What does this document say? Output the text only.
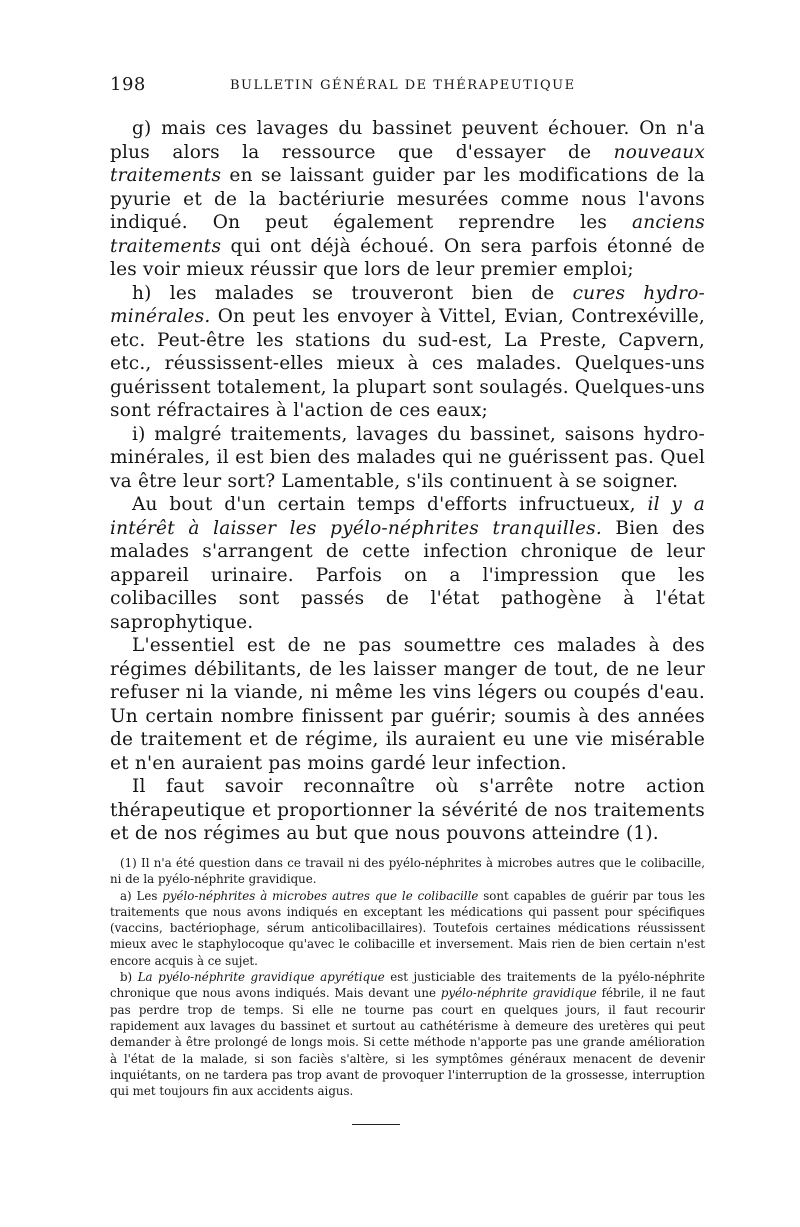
198	BULLETIN GÉNÉRAL DE THÉRAPEUTIQUE

g) mais ces lavages du bassinet peuvent échouer. On n'a plus alors la ressource que d'essayer de nouveaux traitements en se laissant guider par les modifications de la pyurie et de la bactériurie mesurées comme nous l'avons indiqué. On peut également reprendre les anciens traitements qui ont déjà échoué. On sera parfois étonné de les voir mieux réussir que lors de leur premier emploi;

h) les malades se trouveront bien de cures hydro-minérales. On peut les envoyer à Vittel, Evian, Contrexéville, etc. Peut-être les stations du sud-est, La Preste, Capvern, etc., réussissent-elles mieux à ces malades. Quelques-uns guérissent totalement, la plupart sont soulagés. Quelques-uns sont réfractaires à l'action de ces eaux;

i) malgré traitements, lavages du bassinet, saisons hydro-minérales, il est bien des malades qui ne guérissent pas. Quel va être leur sort? Lamentable, s'ils continuent à se soigner.

Au bout d'un certain temps d'efforts infructueux, il y a intérêt à laisser les pyélo-néphrites tranquilles. Bien des malades s'arrangent de cette infection chronique de leur appareil urinaire. Parfois on a l'impression que les colibacilles sont passés de l'état pathogène à l'état saprophytique.

L'essentiel est de ne pas soumettre ces malades à des régimes débilitants, de les laisser manger de tout, de ne leur refuser ni la viande, ni même les vins légers ou coupés d'eau. Un certain nombre finissent par guérir; soumis à des années de traitement et de régime, ils auraient eu une vie misérable et n'en auraient pas moins gardé leur infection.

Il faut savoir reconnaître où s'arrête notre action thérapeutique et proportionner la sévérité de nos traitements et de nos régimes au but que nous pouvons atteindre (1).

(1) Il n'a été question dans ce travail ni des pyélo-néphrites à microbes autres que le colibacille, ni de la pyélo-néphrite gravidique.

a) Les pyélo-néphrites à microbes autres que le colibacille sont capables de guérir par tous les traitements que nous avons indiqués en exceptant les médications qui passent pour spécifiques (vaccins, bactériophage, sérum anticolibacillaires). Toutefois certaines médications réussissent mieux avec le staphylocoque qu'avec le colibacille et inversement. Mais rien de bien certain n'est encore acquis à ce sujet.

b) La pyélo-néphrite gravidique apyrétique est justiciable des traitements de la pyélo-néphrite chronique que nous avons indiqués. Mais devant une pyélo-néphrite gravidique fébrile, il ne faut pas perdre trop de temps. Si elle ne tourne pas court en quelques jours, il faut recourir rapidement aux lavages du bassinet et surtout au cathétérisme à demeure des uretères qui peut demander à être prolongé de longs mois. Si cette méthode n'apporte pas une grande amélioration à l'état de la malade, si son faciès s'altère, si les symptômes généraux menacent de devenir inquiétants, on ne tardera pas trop avant de provoquer l'interruption de la grossesse, interruption qui met toujours fin aux accidents aigus.
